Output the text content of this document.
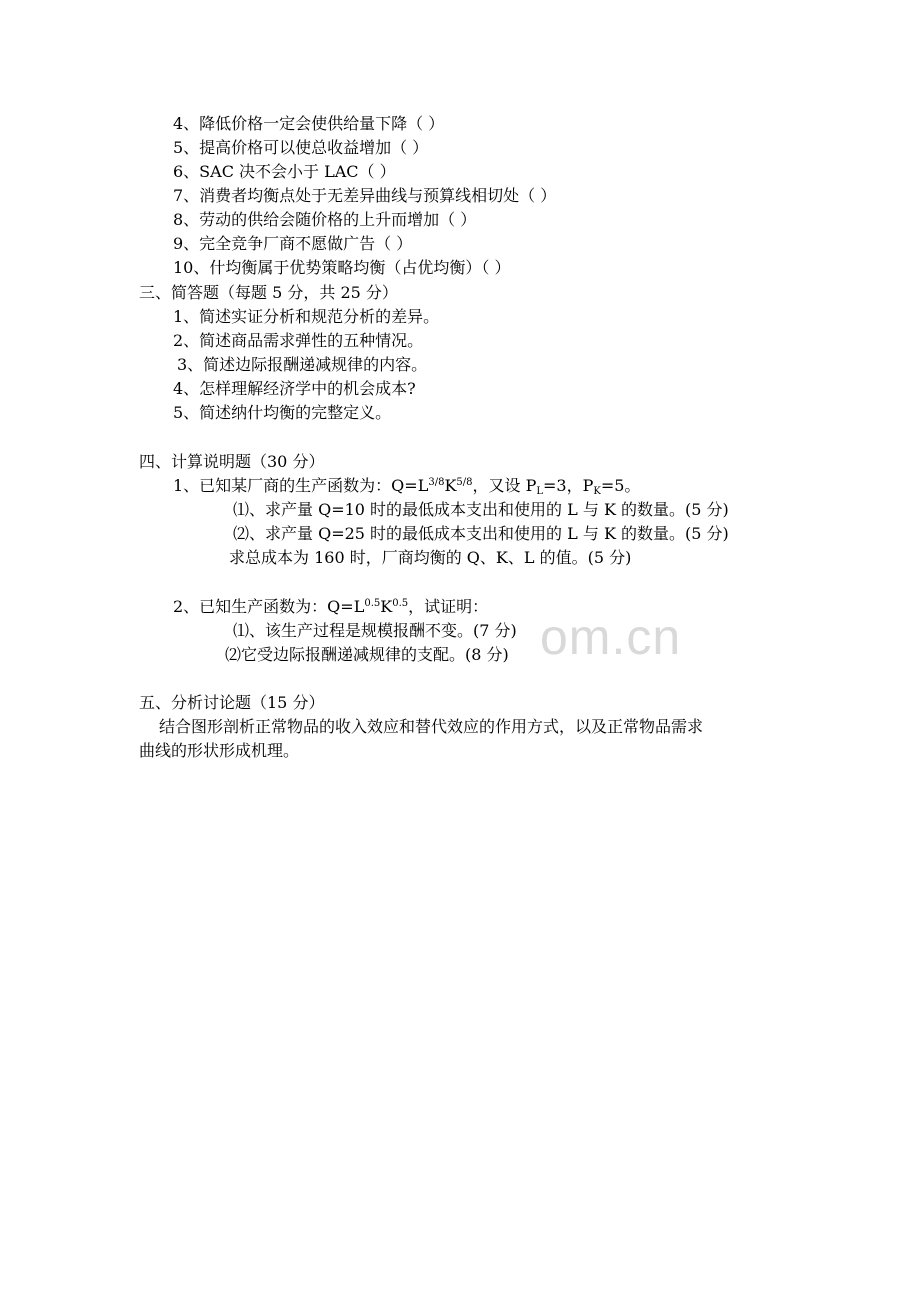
om.cn
4、降低价格一定会使供给量下降（ ）
5、提高价格可以使总收益增加（ ）
6、SAC 决不会小于 LAC（ ）
7、消费者均衡点处于无差异曲线与预算线相切处（ ）
8、劳动的供给会随价格的上升而增加（ ）
9、完全竞争厂商不愿做广告（ ）
10、什均衡属于优势策略均衡（占优均衡）（ ）
三、简答题（每题 5 分，共 25 分）
1、简述实证分析和规范分析的差异。
2、简述商品需求弹性的五种情况。
3、简述边际报酬递减规律的内容。
4、怎样理解经济学中的机会成本?
5、简述纳什均衡的完整定义。
四、计算说明题（30 分）
1、已知某厂商的生产函数为：$Q=L^{3/8}K^{5/8}$，又设 $P_L=3$，$P_K=5$。
⑴、求产量 Q=10 时的最低成本支出和使用的 L 与 K 的数量。(5 分)
⑵、求产量 Q=25 时的最低成本支出和使用的 L 与 K 的数量。(5 分)
求总成本为 160 时，厂商均衡的 Q、K、L 的值。(5 分)
2、已知生产函数为：$Q=L^{0.5}K^{0.5}$，试证明：
⑴、该生产过程是规模报酬不变。(7 分)
⑵它受边际报酬递减规律的支配。(8 分)
五、分析讨论题（15 分）
结合图形剖析正常物品的收入效应和替代效应的作用方式，以及正常物品需求
曲线的形状形成机理。
